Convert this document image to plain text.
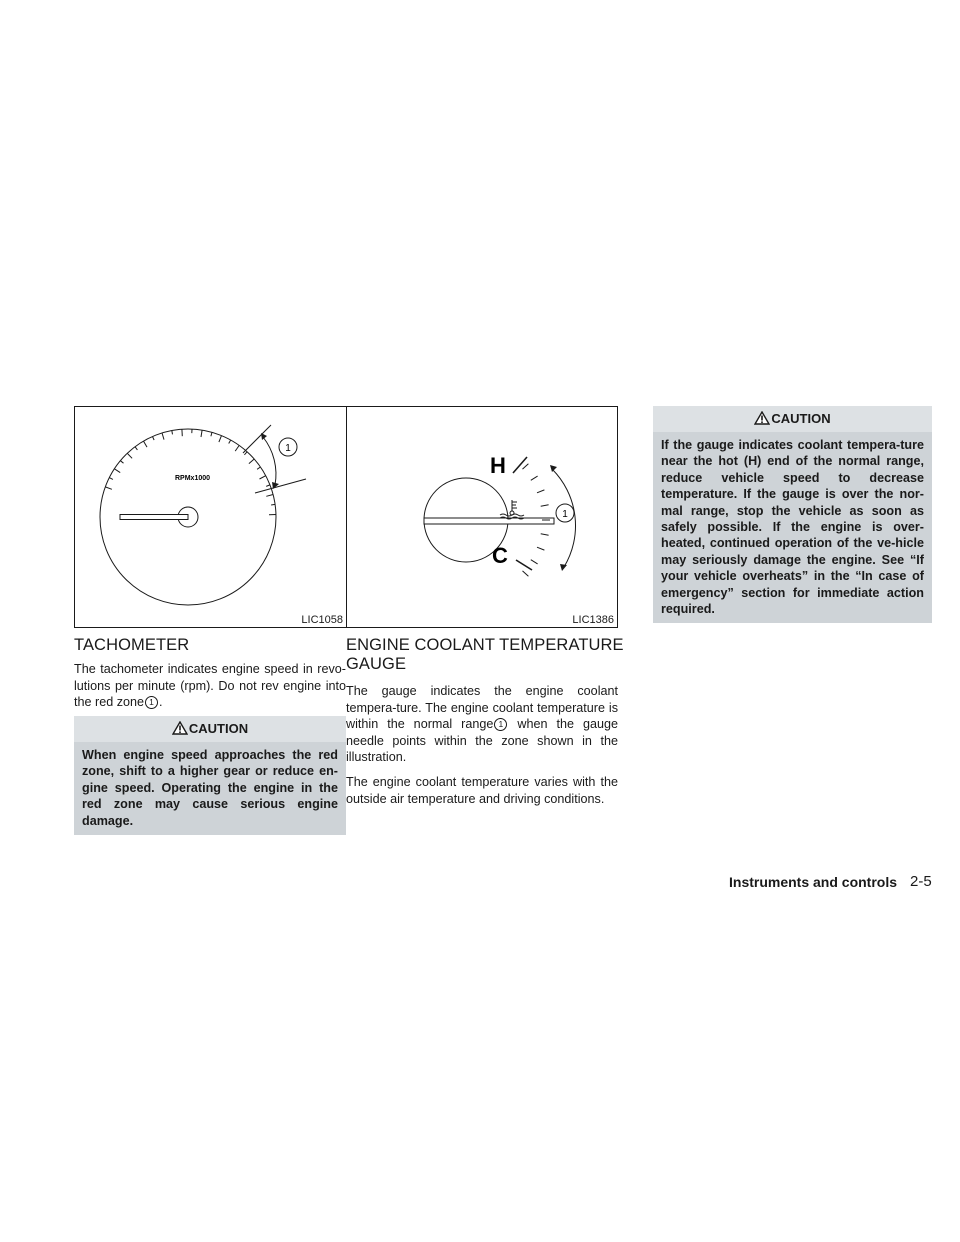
RPMx1000
1
LIC1058
TACHOMETER

The tachometer indicates engine speed in revo-lutions per minute (rpm). Do not rev engine into the red zone 1 .

CAUTION
When engine speed approaches the red zone, shift to a higher gear or reduce en-gine speed. Operating the engine in the red zone may cause serious engine damage.
H
C
1
LIC1386
ENGINE COOLANT TEMPERATURE GAUGE

The gauge indicates the engine coolant tempera-ture. The engine coolant temperature is within the normal range 1 when the gauge needle points within the zone shown in the illustration.

The engine coolant temperature varies with the outside air temperature and driving conditions.

CAUTION
If the gauge indicates coolant tempera-ture near the hot (H) end of the normal range, reduce vehicle speed to decrease temperature. If the gauge is over the nor-mal range, stop the vehicle as soon as safely possible. If the engine is over-heated, continued operation of the ve-hicle may seriously damage the engine. See “If your vehicle overheats” in the “In case of emergency” section for immediate action required.
Instruments and controls 2-5
